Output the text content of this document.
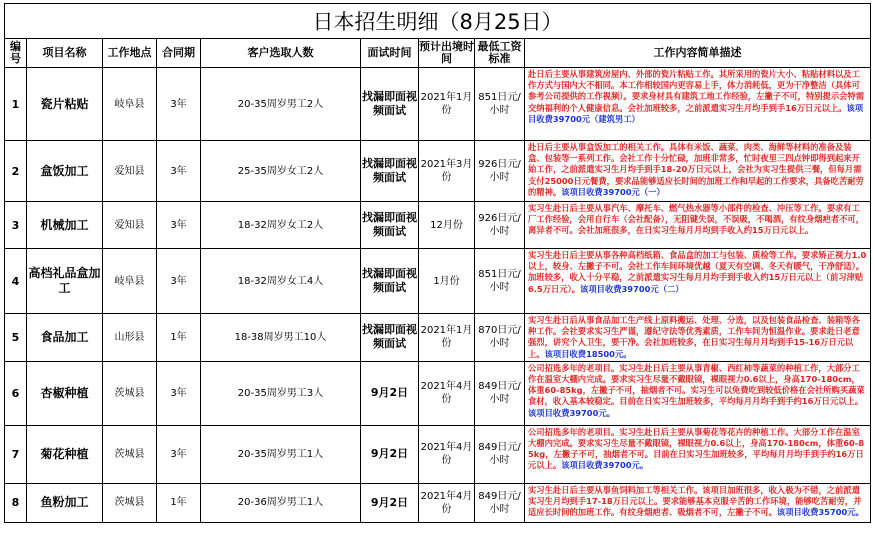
日本招生明细（8月25日）								
编号	项目名称	工作地点	合同期	客户选取人数	面试时间	预计出境时间	最低工资标准	工作内容简单描述
1	瓷片粘贴	岐阜县	3年	20-35周岁男工2人	找漏即面视频面试	2021年1月份	851日元/小时	赴日后主要从事建筑房屋内、外部的瓷片粘贴工作。其所采用的瓷片大小、粘贴材料以及工作方式与国内大不相同。本工作相较国内更容易上手，体力消耗低，更为干净整洁（具体可参考公司提供的工作视频）。要求身材具有建筑工地工作经验，左撇子不可，特别提示会特需交纳福利的个人健康信息。会社加班较多，之前派遣实习生月均手到手16万日元以上。该项目收费39700元（建筑男工）
2	盒饭加工	爱知县	3年	25-35周岁女工2人	找漏即面视频面试	2021年3月份	926日元/小时	赴日后主要从事盒饭加工的相关工作。具体有米饭、蔬菜、肉类、海鲜等材料的准备及装盒、包装等一系列工作。会社工作十分忙碌，加班非常多，忙时夜里三四点钟即得到起来开始工作，之前派遣实习生月均手到手18-20万日元以上，会社为实习生提供三餐，但每月需支付25000日元餐费，要求品能够适应长时间的加班工作和早起的工作要求，具备吃苦耐劳的精神。该项目收费39700元（一）
3	机械加工	爱知县	3年	18-32周岁女工2人	找漏即面视频面试	12月份	926日元/小时	实习生赴日后主要从事汽车、摩托车、燃气热水器等小部件的检查、冲压等工作。要求有工厂工作经验，会用自行车（会社配备），无阻键失误，不误吸，不喝酒，有纹身烟疤者不可，离异者不可。会社加班很多，在日实习生每月月均到手收入约15万日元以上。
4	高档礼品盒加工	岐阜县	3年	18-32周岁女工4人	找漏即面视频面试	1月份	851日元/小时	实习生赴日后主要从事各种高档纸箱、食品盒的加工与包装、质检等工作。要求矫正视力1.0以上，较身、左撇子不可。会社工作车间环境优越（夏天有空调、冬天有暖气，干净舒适）。加班较多，收入十分平稳，之前派遣实习生每月月均手到手收入约15万日元以上（前习津贴6.5万日元）。该项目收费39700元（二）
5	食品加工	山形县	1年	18-38周岁男工10人	找漏即面视频面试	2021年1月份	870日元/小时	实习生赴日后从事食品加工生产线上原料搬运、处理、分选，以及包装食品检查、装箱等各种工作。会社要求实习生严谨，遵纪守法等优秀素质，工作车间为恒温作业。要求赴日老意强烈，讲究个人卫生，要干净。会社加班较多，在日实习生每月月均到手15-16万日元以上。该项目收费18500元。
6	杏椒种植	茨城县	3年	20-35周岁男工3人	9月2日	2021年4月份	849日元/小时	公司招选多年的老项目。实习生赴日后主要从事青椒、西红柿等蔬菜的种植工作，大部分工作在温室大棚内完成。要求实习生尽量不戴眼镜，裸眼视力0.6以上，身高170-180cm，体重60-85kg，左撇子不可，抽烟者不可。实习生可以免费吃到较低价格在会社所购买蔬菜食材，收入基本较稳定。目前在日实习生加班较多，平均每月月均手到手约16万日元以上。该项目收费39700元。
7	菊花种植	茨城县	3年	20-35周岁男工1人	9月2日	2021年4月份	849日元/小时	公司招选多年的老项目。实习生赴日后主要从事菊花等花卉的种植工作。大部分工作在温室大棚内完成。要求实习生尽量不戴眼镜，裸眼视力0.6以上，身高170-180cm，体重60-85kg，左撇子不可，抽烟者不可。目前在日实习生加班较多，平均每月月均手到手约16万日元以上。该项目收费39700元。
8	鱼粉加工	茨城县	1年	20-36周岁男工1人	9月2日	2021年4月份	849日元/小时	实习生赴日后主要从事鱼饲料加工等相关工作。该项目加班很多，收入极为不错，之前派遣实习生月均到手17-18万日元以上。要求能够基本克服辛苦的工作环境，能够吃苦耐劳，并适应长时间的加班工作。有纹身烟疤者、吸烟者不可，左撇子不可。该项目收费35700元。
